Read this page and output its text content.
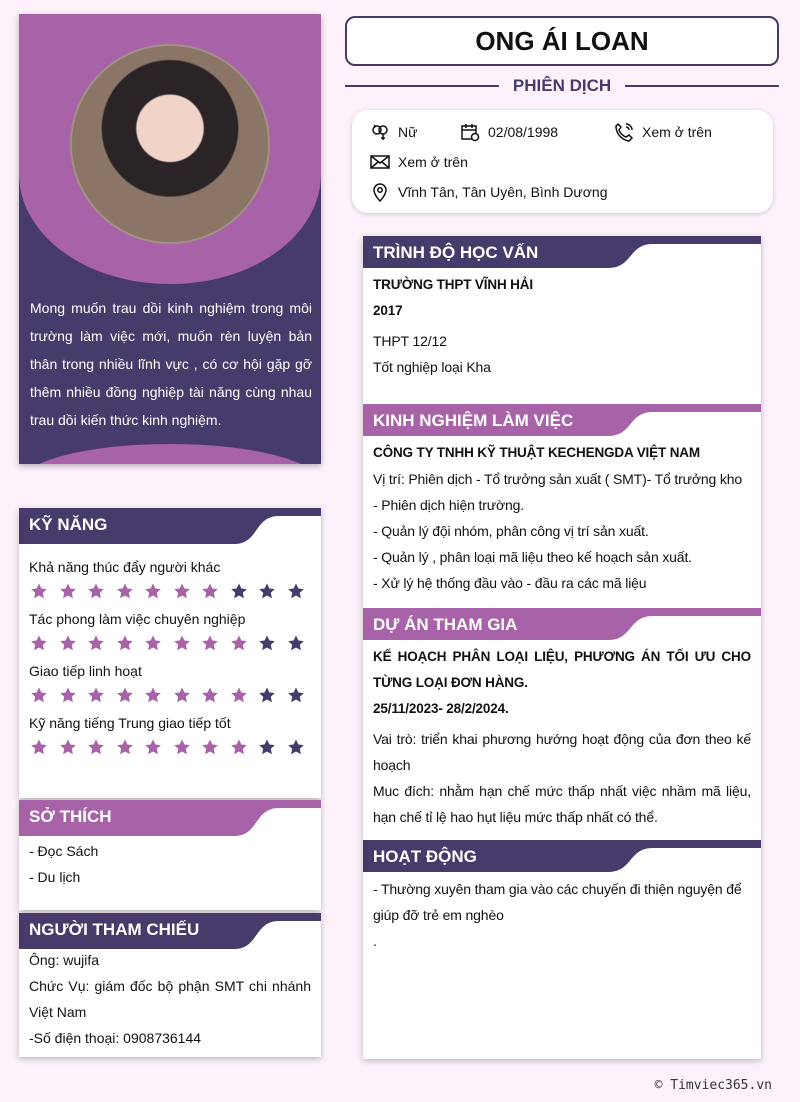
Mong muốn trau dồi kinh nghiệm trong môi trường làm việc mới, muốn rèn luyện bản thân trong nhiều lĩnh vực , có cơ hội gặp gỡ thêm nhiều đồng nghiệp tài năng cùng nhau trau dồi kiến thức kinh nghiệm.
ONG ÁI LOAN
PHIÊN DỊCH
Nữ	02/08/1998	Xem ở trên
Xem ở trên
Vĩnh Tân, Tân Uyên, Bình Dương
KỸ NĂNG
Khả năng thúc đẩy người khác
Tác phong làm việc chuyên nghiệp
Giao tiếp linh hoạt
Kỹ năng tiếng Trung giao tiếp tốt
SỞ THÍCH
- Đọc Sách
- Du lịch
NGƯỜI THAM CHIẾU
Ông: wujifa
Chức Vụ: giám đốc bộ phận SMT chi nhánh Việt Nam
-Số điện thoại: 0908736144
TRÌNH ĐỘ HỌC VẤN
TRƯỜNG THPT VĨNH HẢI
2017
THPT 12/12
Tốt nghiệp loại Kha
KINH NGHIỆM LÀM VIỆC
CÔNG TY TNHH KỸ THUẬT KECHENGDA VIỆT NAM
Vị trí: Phiên dịch - Tổ trưởng sản xuất ( SMT)- Tổ trưởng kho
- Phiên dịch hiện trường.
- Quản lý đội nhóm, phân công vị trí sản xuất.
- Quản lý , phân loại mã liệu theo kế hoạch sản xuất.
- Xử lý hệ thống đầu vào - đầu ra các mã liệu
DỰ ÁN THAM GIA
KẾ HOẠCH PHÂN LOẠI LIỆU, PHƯƠNG ÁN TỐI ƯU CHO TỪNG LOẠI ĐƠN HÀNG.
25/11/2023- 28/2/2024.
Vai trò: triển khai phương hướng hoạt động của đơn theo kế hoạch
Muc đích: nhằm hạn chế mức thấp nhất việc nhầm mã liệu, hạn chế tỉ lệ hao hụt liệu mức thấp nhất có thể.
HOẠT ĐỘNG
- Thường xuyên tham gia vào các chuyến đi thiện nguyện để giúp đỡ trẻ em nghèo
.
© Timviec365.vn
